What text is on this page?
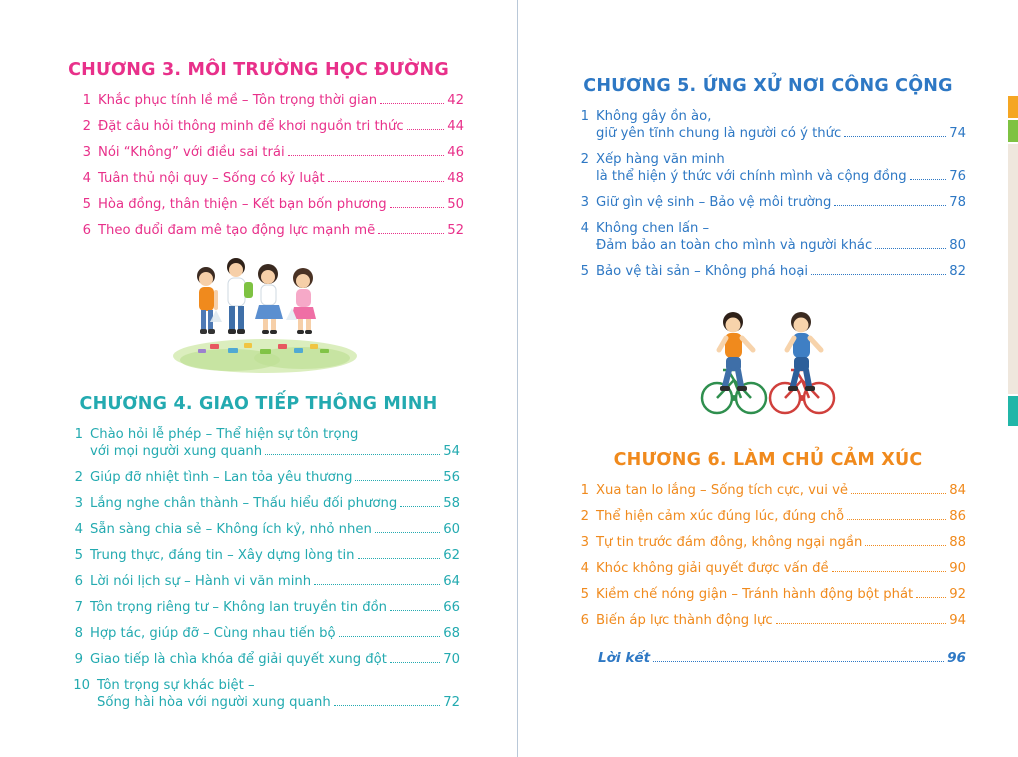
CHƯƠNG 3. MÔI TRƯỜNG HỌC ĐƯỜNG
1 Khắc phục tính lề mề – Tôn trọng thời gian	42
2 Đặt câu hỏi thông minh để khơi nguồn tri thức	44
3 Nói “Không” với điều sai trái	46
4 Tuân thủ nội quy – Sống có kỷ luật	48
5 Hòa đồng, thân thiện – Kết bạn bốn phương	50
6 Theo đuổi đam mê tạo động lực mạnh mẽ	52
CHƯƠNG 4. GIAO TIẾP THÔNG MINH
1 Chào hỏi lễ phép – Thể hiện sự tôn trọng
với mọi người xung quanh	54
2 Giúp đỡ nhiệt tình – Lan tỏa yêu thương	56
3 Lắng nghe chân thành – Thấu hiểu đối phương	58
4 Sẵn sàng chia sẻ – Không ích kỷ, nhỏ nhen	60
5 Trung thực, đáng tin – Xây dựng lòng tin	62
6 Lời nói lịch sự – Hành vi văn minh	64
7 Tôn trọng riêng tư – Không lan truyền tin đồn	66
8 Hợp tác, giúp đỡ – Cùng nhau tiến bộ	68
9 Giao tiếp là chìa khóa để giải quyết xung đột	70
10 Tôn trọng sự khác biệt –
Sống hài hòa với người xung quanh	72
CHƯƠNG 5. ỨNG XỬ NƠI CÔNG CỘNG
1 Không gây ồn ào,
giữ yên tĩnh chung là người có ý thức	74
2 Xếp hàng văn minh
là thể hiện ý thức với chính mình và cộng đồng	76
3 Giữ gìn vệ sinh – Bảo vệ môi trường	78
4 Không chen lấn –
Đảm bảo an toàn cho mình và người khác	80
5 Bảo vệ tài sản – Không phá hoại	82
CHƯƠNG 6. LÀM CHỦ CẢM XÚC
1 Xua tan lo lắng – Sống tích cực, vui vẻ	84
2 Thể hiện cảm xúc đúng lúc, đúng chỗ	86
3 Tự tin trước đám đông, không ngại ngần	88
4 Khóc không giải quyết được vấn đề	90
5 Kiềm chế nóng giận – Tránh hành động bột phát	92
6 Biến áp lực thành động lực	94
Lời kết	96
